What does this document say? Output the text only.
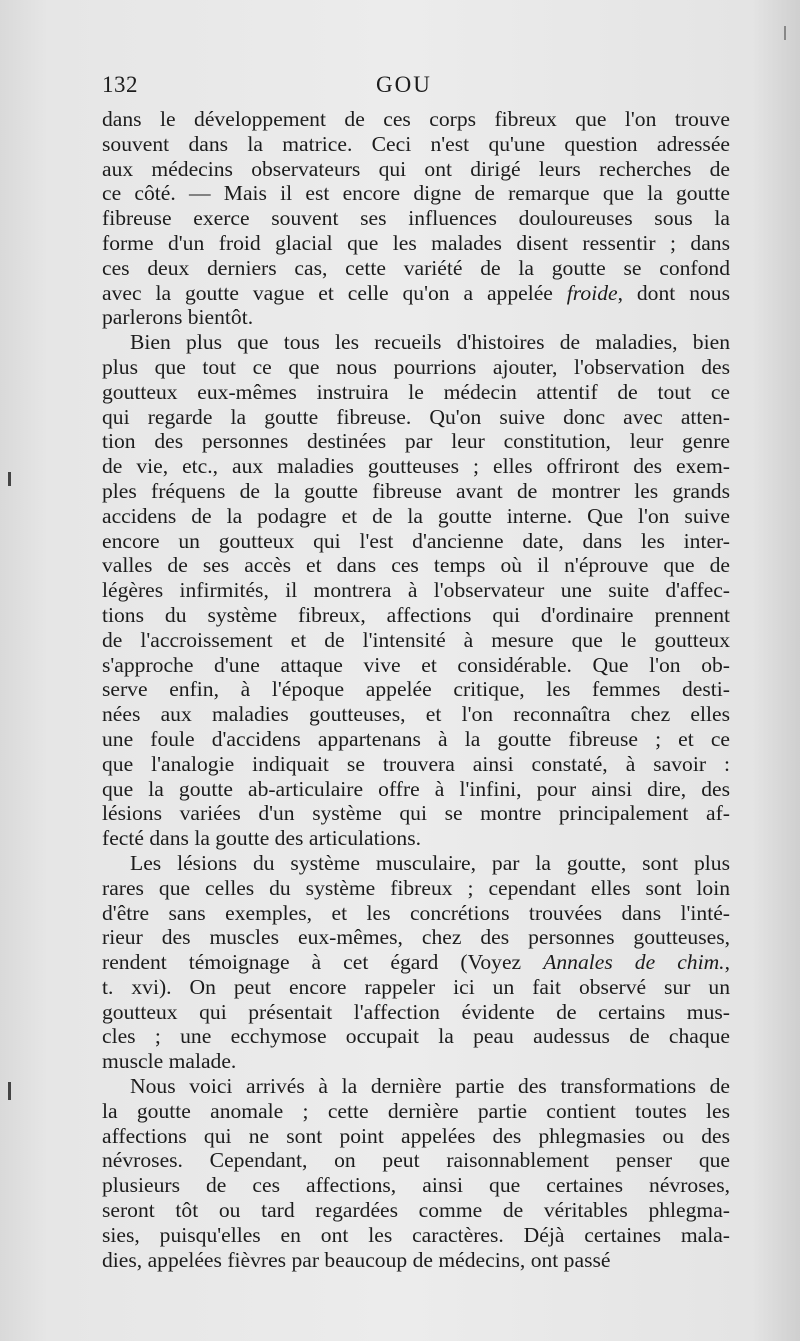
132	GOU
dans le développement de ces corps fibreux que l'on trouve
souvent dans la matrice. Ceci n'est qu'une question adressée
aux médecins observateurs qui ont dirigé leurs recherches de
ce côté. — Mais il est encore digne de remarque que la goutte
fibreuse exerce souvent ses influences douloureuses sous la
forme d'un froid glacial que les malades disent ressentir ; dans
ces deux derniers cas, cette variété de la goutte se confond
avec la goutte vague et celle qu'on a appelée froide, dont nous
parlerons bientôt.
Bien plus que tous les recueils d'histoires de maladies, bien
plus que tout ce que nous pourrions ajouter, l'observation des
goutteux eux-mêmes instruira le médecin attentif de tout ce
qui regarde la goutte fibreuse. Qu'on suive donc avec atten-
tion des personnes destinées par leur constitution, leur genre
de vie, etc., aux maladies goutteuses ; elles offriront des exem-
ples fréquens de la goutte fibreuse avant de montrer les grands
accidens de la podagre et de la goutte interne. Que l'on suive
encore un goutteux qui l'est d'ancienne date, dans les inter-
valles de ses accès et dans ces temps où il n'éprouve que de
légères infirmités, il montrera à l'observateur une suite d'affec-
tions du système fibreux, affections qui d'ordinaire prennent
de l'accroissement et de l'intensité à mesure que le goutteux
s'approche d'une attaque vive et considérable. Que l'on ob-
serve enfin, à l'époque appelée critique, les femmes desti-
nées aux maladies goutteuses, et l'on reconnaîtra chez elles
une foule d'accidens appartenans à la goutte fibreuse ; et ce
que l'analogie indiquait se trouvera ainsi constaté, à savoir :
que la goutte ab-articulaire offre à l'infini, pour ainsi dire, des
lésions variées d'un système qui se montre principalement af-
fecté dans la goutte des articulations.
Les lésions du système musculaire, par la goutte, sont plus
rares que celles du système fibreux ; cependant elles sont loin
d'être sans exemples, et les concrétions trouvées dans l'inté-
rieur des muscles eux-mêmes, chez des personnes goutteuses,
rendent témoignage à cet égard (Voyez Annales de chim.,
t. xvi). On peut encore rappeler ici un fait observé sur un
goutteux qui présentait l'affection évidente de certains mus-
cles ; une ecchymose occupait la peau audessus de chaque
muscle malade.
Nous voici arrivés à la dernière partie des transformations de
la goutte anomale ; cette dernière partie contient toutes les
affections qui ne sont point appelées des phlegmasies ou des
névroses. Cependant, on peut raisonnablement penser que
plusieurs de ces affections, ainsi que certaines névroses,
seront tôt ou tard regardées comme de véritables phlegma-
sies, puisqu'elles en ont les caractères. Déjà certaines mala-
dies, appelées fièvres par beaucoup de médecins, ont passé
